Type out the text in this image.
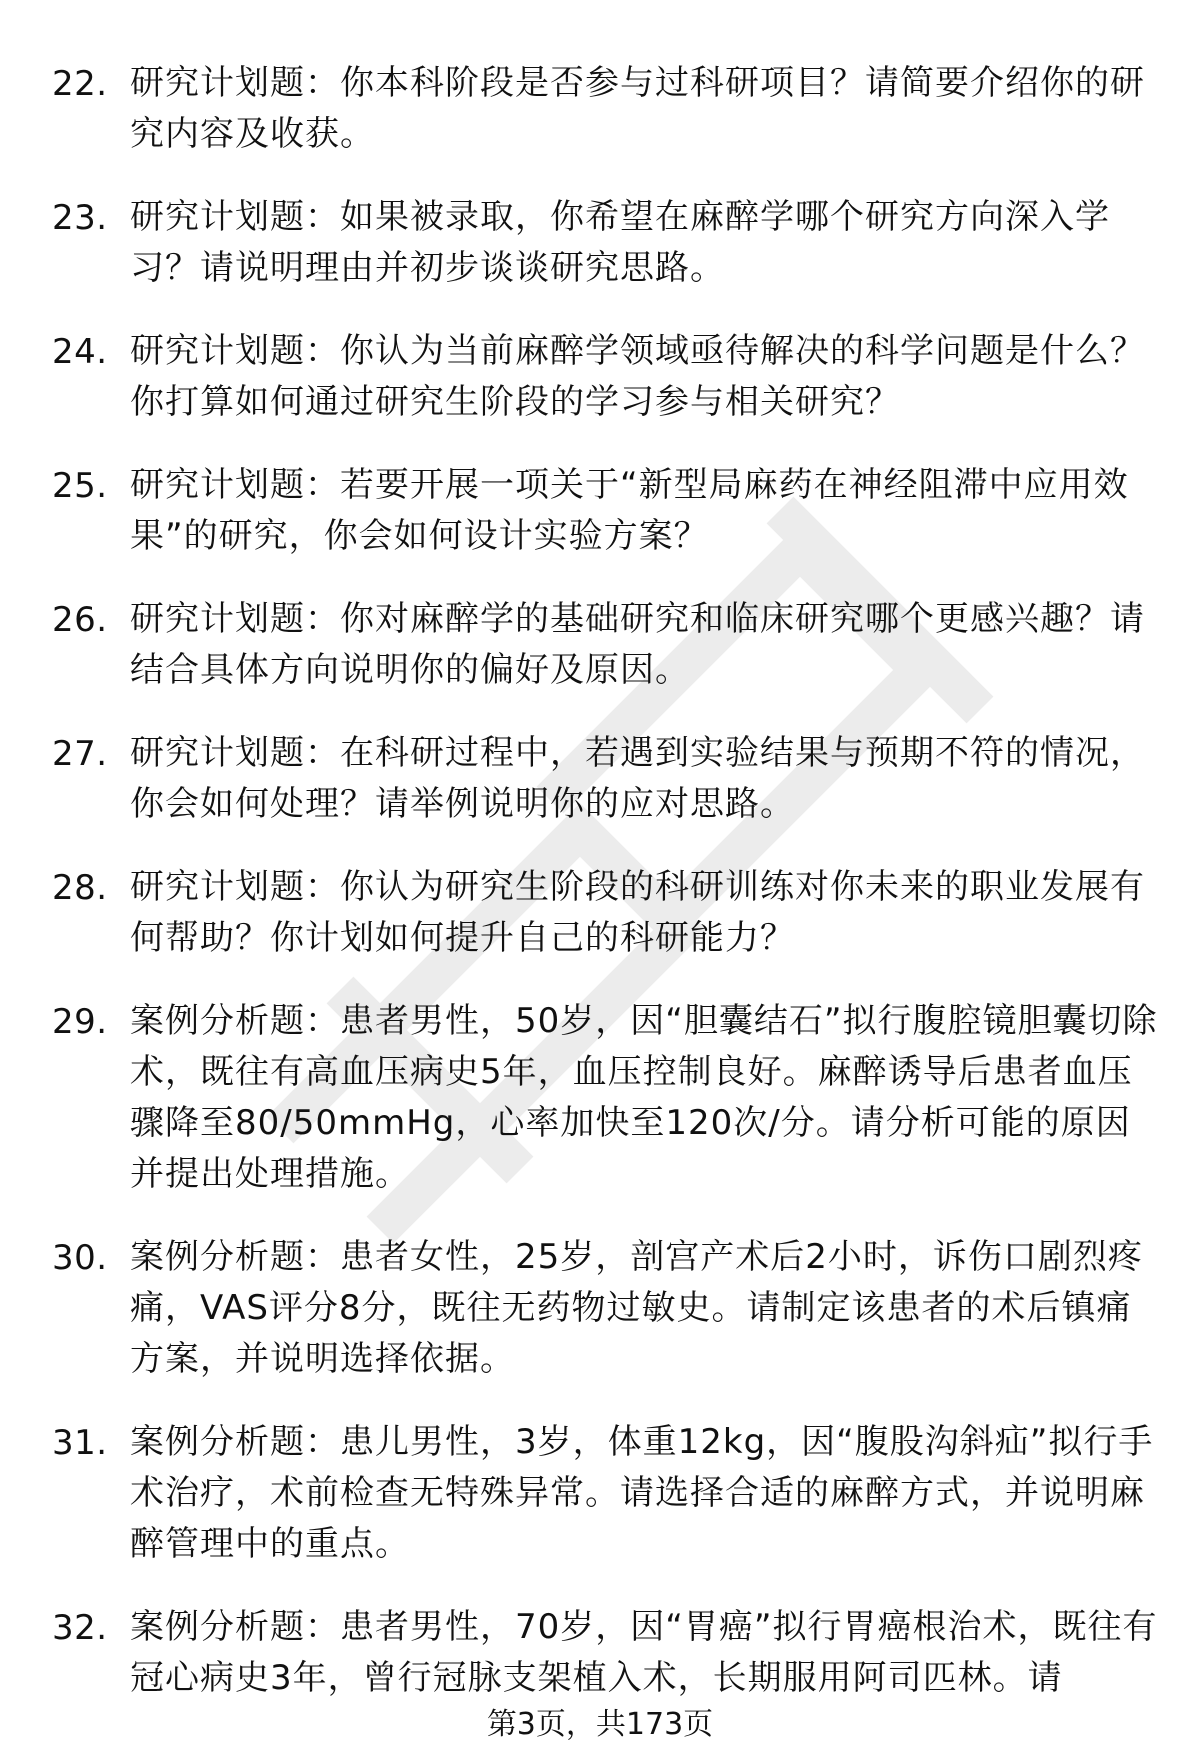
22. 研究计划题：你本科阶段是否参与过科研项目？请简要介绍你的研究内容及收获。
23. 研究计划题：如果被录取，你希望在麻醉学哪个研究方向深入学习？请说明理由并初步谈谈研究思路。
24. 研究计划题：你认为当前麻醉学领域亟待解决的科学问题是什么？你打算如何通过研究生阶段的学习参与相关研究？
25. 研究计划题：若要开展一项关于“新型局麻药在神经阻滞中应用效果”的研究，你会如何设计实验方案？
26. 研究计划题：你对麻醉学的基础研究和临床研究哪个更感兴趣？请结合具体方向说明你的偏好及原因。
27. 研究计划题：在科研过程中，若遇到实验结果与预期不符的情况，你会如何处理？请举例说明你的应对思路。
28. 研究计划题：你认为研究生阶段的科研训练对你未来的职业发展有何帮助？你计划如何提升自己的科研能力？
29. 案例分析题：患者男性，50岁，因“胆囊结石”拟行腹腔镜胆囊切除术，既往有高血压病史5年，血压控制良好。麻醉诱导后患者血压骤降至80/50mmHg，心率加快至120次/分。请分析可能的原因并提出处理措施。
30. 案例分析题：患者女性，25岁，剖宫产术后2小时，诉伤口剧烈疼痛，VAS评分8分，既往无药物过敏史。请制定该患者的术后镇痛方案，并说明选择依据。
31. 案例分析题：患儿男性，3岁，体重12kg，因“腹股沟斜疝”拟行手术治疗，术前检查无特殊异常。请选择合适的麻醉方式，并说明麻醉管理中的重点。
32. 案例分析题：患者男性，70岁，因“胃癌”拟行胃癌根治术，既往有冠心病史3年，曾行冠脉支架植入术，长期服用阿司匹林。请
第3页，共173页
